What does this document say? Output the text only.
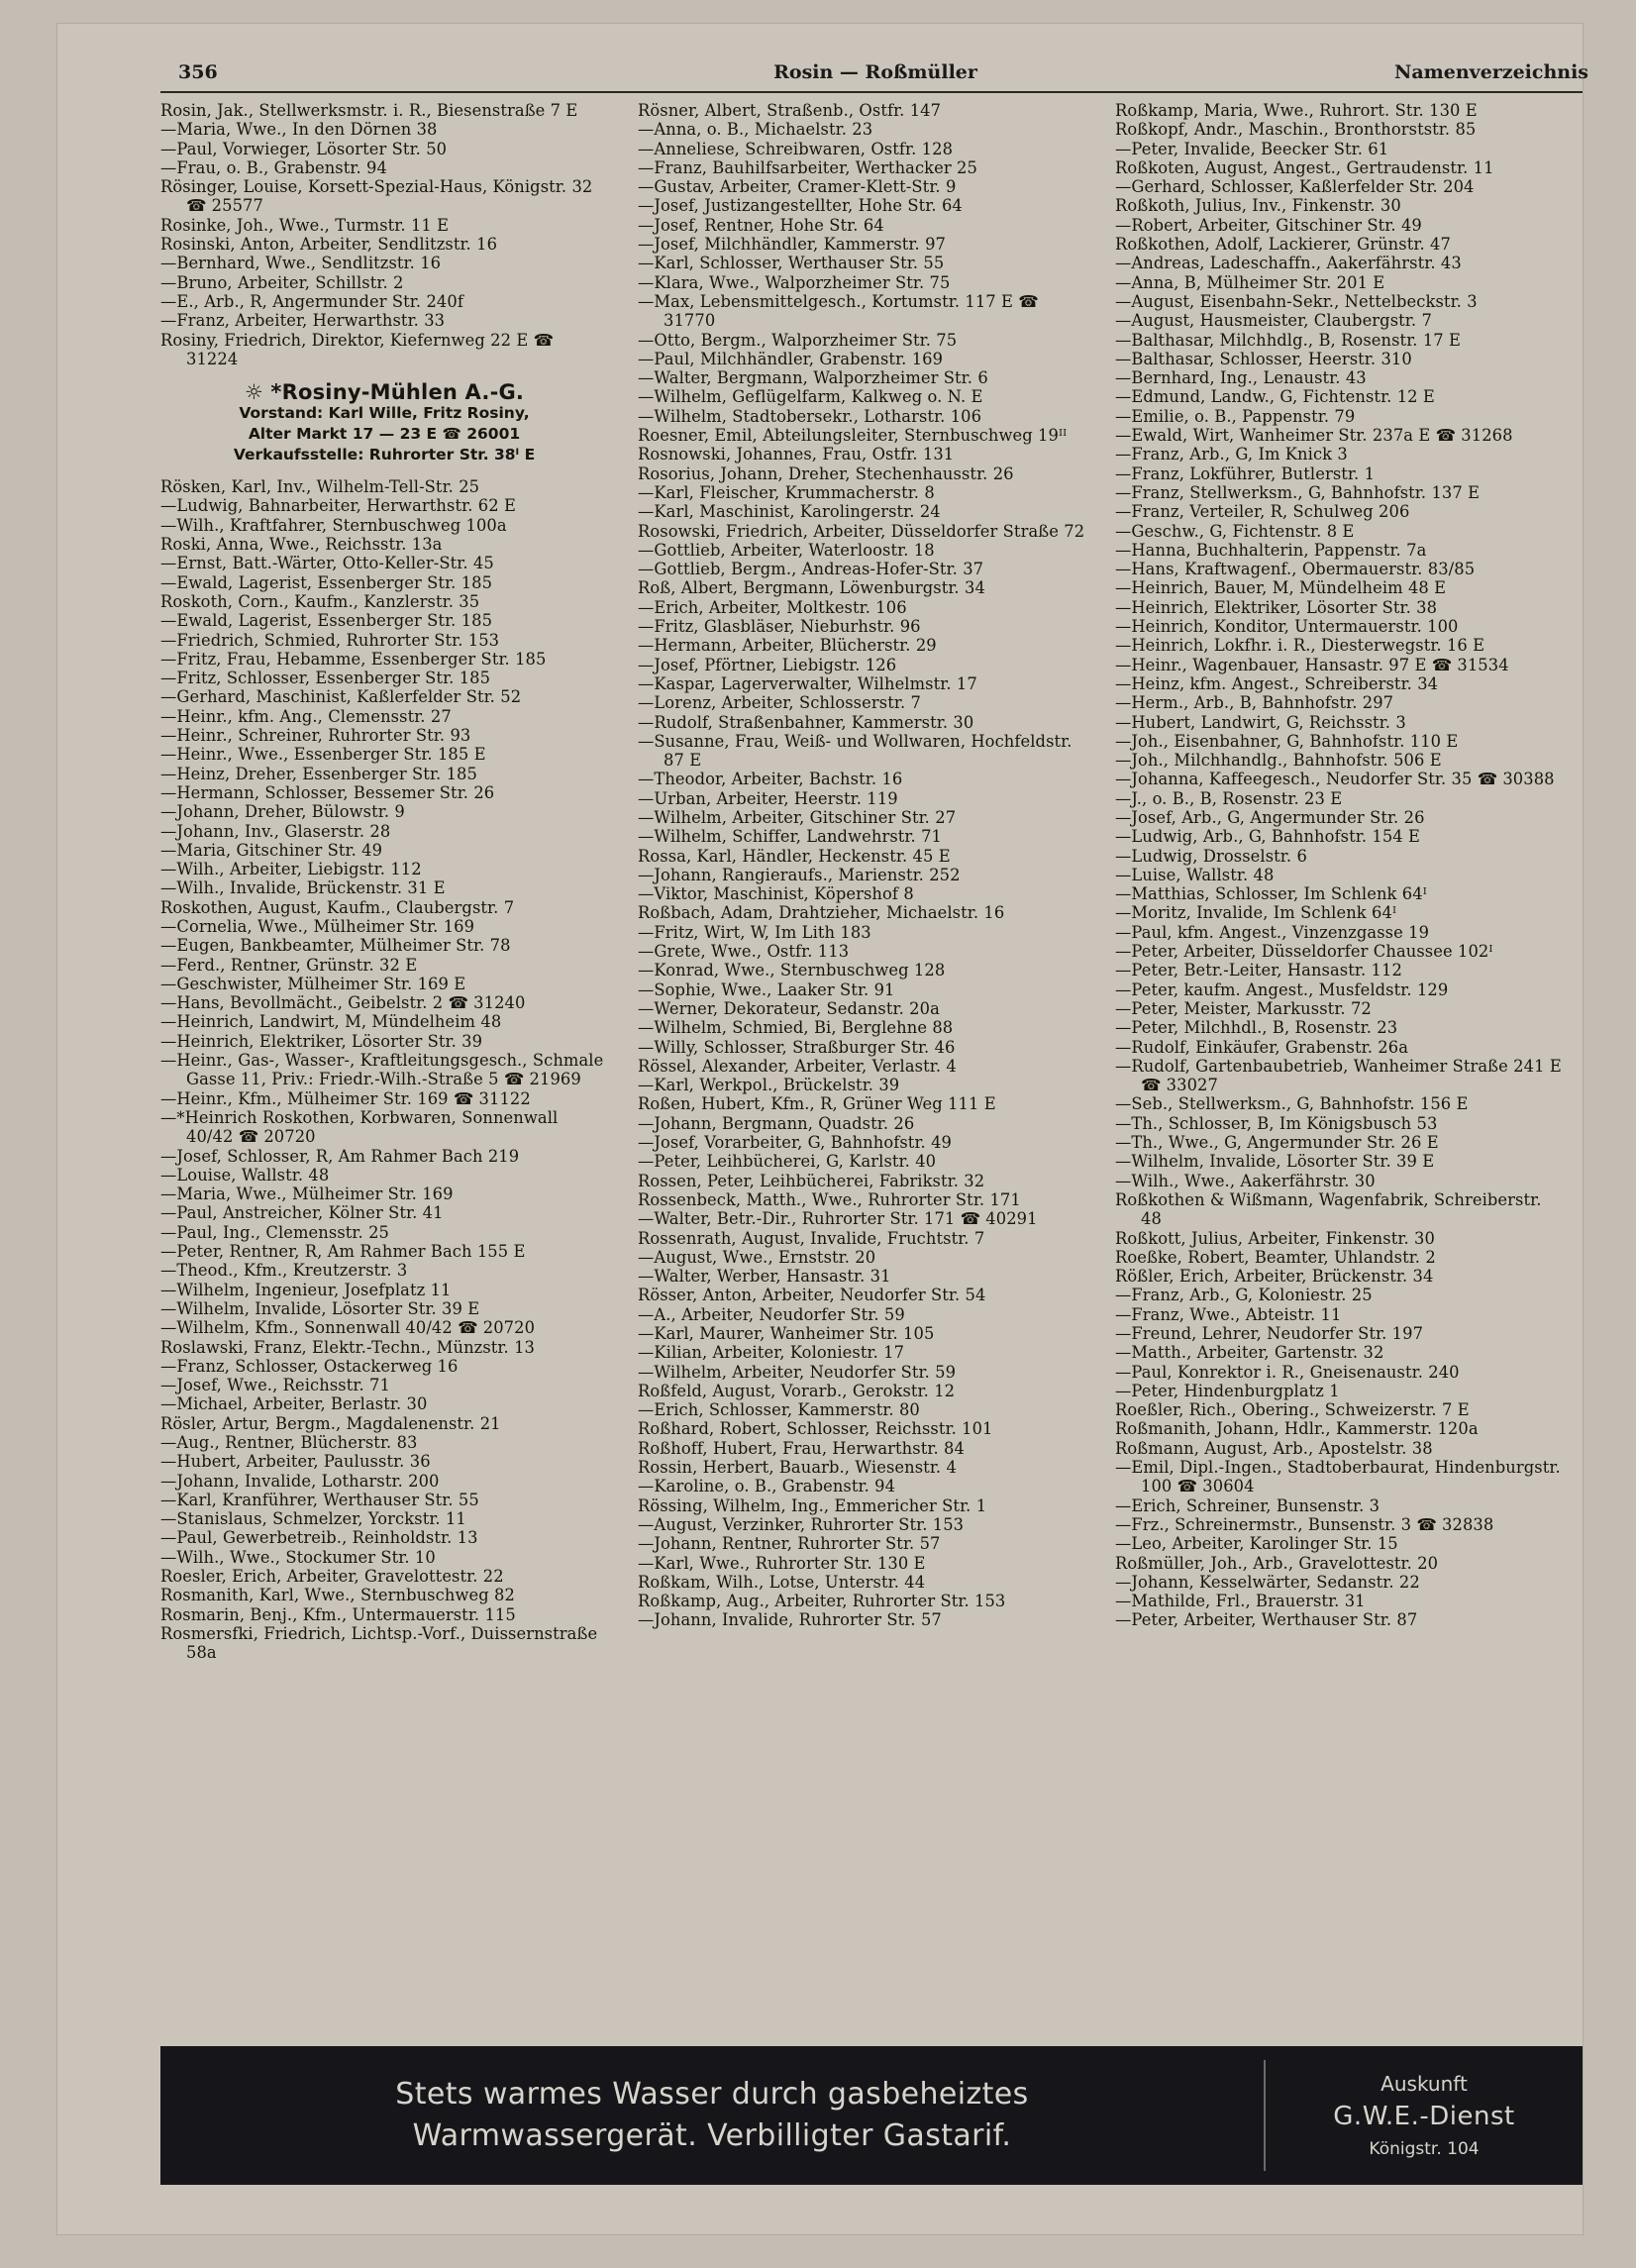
356	Rosin — Roßmüller	Namenverzeichnis

Rosin, Jak., Stellwerksmstr. i. R., Biesenstraße 7 E

—Maria, Wwe., In den Dörnen 38

—Paul, Vorwieger, Lösorter Str. 50

—Frau, o. B., Grabenstr. 94

Rösinger, Louise, Korsett-Spezial-Haus, Königstr. 32 ☎ 25577

Rosinke, Joh., Wwe., Turmstr. 11 E

Rosinski, Anton, Arbeiter, Sendlitzstr. 16

—Bernhard, Wwe., Sendlitzstr. 16

—Bruno, Arbeiter, Schillstr. 2

—E., Arb., R, Angermunder Str. 240f

—Franz, Arbeiter, Herwarthstr. 33

Rosiny, Friedrich, Direktor, Kiefernweg 22 E ☎ 31224

☼ *Rosiny-Mühlen A.-G.
Vorstand: Karl Wille, Fritz Rosiny,
Alter Markt 17 — 23 E ☎ 26001
Verkaufsstelle: Ruhrorter Str. 38ᴵ E

Rösken, Karl, Inv., Wilhelm-Tell-Str. 25

—Ludwig, Bahnarbeiter, Herwarthstr. 62 E

—Wilh., Kraftfahrer, Sternbuschweg 100a

Roski, Anna, Wwe., Reichsstr. 13a

—Ernst, Batt.-Wärter, Otto-Keller-Str. 45

—Ewald, Lagerist, Essenberger Str. 185

Roskoth, Corn., Kaufm., Kanzlerstr. 35

—Ewald, Lagerist, Essenberger Str. 185

—Friedrich, Schmied, Ruhrorter Str. 153

—Fritz, Frau, Hebamme, Essenberger Str. 185

—Fritz, Schlosser, Essenberger Str. 185

—Gerhard, Maschinist, Kaßlerfelder Str. 52

—Heinr., kfm. Ang., Clemensstr. 27

—Heinr., Schreiner, Ruhrorter Str. 93

—Heinr., Wwe., Essenberger Str. 185 E

—Heinz, Dreher, Essenberger Str. 185

—Hermann, Schlosser, Bessemer Str. 26

—Johann, Dreher, Bülowstr. 9

—Johann, Inv., Glaserstr. 28

—Maria, Gitschiner Str. 49

—Wilh., Arbeiter, Liebigstr. 112

—Wilh., Invalide, Brückenstr. 31 E

Roskothen, August, Kaufm., Claubergstr. 7

—Cornelia, Wwe., Mülheimer Str. 169

—Eugen, Bankbeamter, Mülheimer Str. 78

—Ferd., Rentner, Grünstr. 32 E

—Geschwister, Mülheimer Str. 169 E

—Hans, Bevollmächt., Geibelstr. 2 ☎ 31240

—Heinrich, Landwirt, M, Mündelheim 48

—Heinrich, Elektriker, Lösorter Str. 39

—Heinr., Gas-, Wasser-, Kraftleitungsgesch., Schmale Gasse 11, Priv.: Friedr.-Wilh.-Straße 5 ☎ 21969

—Heinr., Kfm., Mülheimer Str. 169 ☎ 31122

—*Heinrich Roskothen, Korbwaren, Sonnenwall 40/42 ☎ 20720

—Josef, Schlosser, R, Am Rahmer Bach 219

—Louise, Wallstr. 48

—Maria, Wwe., Mülheimer Str. 169

—Paul, Anstreicher, Kölner Str. 41

—Paul, Ing., Clemensstr. 25

—Peter, Rentner, R, Am Rahmer Bach 155 E

—Theod., Kfm., Kreutzerstr. 3

—Wilhelm, Ingenieur, Josefplatz 11

—Wilhelm, Invalide, Lösorter Str. 39 E

—Wilhelm, Kfm., Sonnenwall 40/42 ☎ 20720

Roslawski, Franz, Elektr.-Techn., Münzstr. 13

—Franz, Schlosser, Ostackerweg 16

—Josef, Wwe., Reichsstr. 71

—Michael, Arbeiter, Berlastr. 30

Rösler, Artur, Bergm., Magdalenenstr. 21

—Aug., Rentner, Blücherstr. 83

—Hubert, Arbeiter, Paulusstr. 36

—Johann, Invalide, Lotharstr. 200

—Karl, Kranführer, Werthauser Str. 55

—Stanislaus, Schmelzer, Yorckstr. 11

—Paul, Gewerbetreib., Reinholdstr. 13

—Wilh., Wwe., Stockumer Str. 10

Roesler, Erich, Arbeiter, Gravelottestr. 22

Rosmanith, Karl, Wwe., Sternbuschweg 82

Rosmarin, Benj., Kfm., Untermauerstr. 115

Rosmersfki, Friedrich, Lichtsp.-Vorf., Duissernstraße 58a

Rösner, Albert, Straßenb., Ostfr. 147

—Anna, o. B., Michaelstr. 23

—Anneliese, Schreibwaren, Ostfr. 128

—Franz, Bauhilfsarbeiter, Werthacker 25

—Gustav, Arbeiter, Cramer-Klett-Str. 9

—Josef, Justizangestellter, Hohe Str. 64

—Josef, Rentner, Hohe Str. 64

—Josef, Milchhändler, Kammerstr. 97

—Karl, Schlosser, Werthauser Str. 55

—Klara, Wwe., Walporzheimer Str. 75

—Max, Lebensmittelgesch., Kortumstr. 117 E ☎ 31770

—Otto, Bergm., Walporzheimer Str. 75

—Paul, Milchhändler, Grabenstr. 169

—Walter, Bergmann, Walporzheimer Str. 6

—Wilhelm, Geflügelfarm, Kalkweg o. N. E

—Wilhelm, Stadtobersekr., Lotharstr. 106

Roesner, Emil, Abteilungsleiter, Sternbuschweg 19ᴵᴵ

Rosnowski, Johannes, Frau, Ostfr. 131

Rosorius, Johann, Dreher, Stechenhausstr. 26

—Karl, Fleischer, Krummacherstr. 8

—Karl, Maschinist, Karolingerstr. 24

Rosowski, Friedrich, Arbeiter, Düsseldorfer Straße 72

—Gottlieb, Arbeiter, Waterloostr. 18

—Gottlieb, Bergm., Andreas-Hofer-Str. 37

Roß, Albert, Bergmann, Löwenburgstr. 34

—Erich, Arbeiter, Moltkestr. 106

—Fritz, Glasbläser, Nieburhstr. 96

—Hermann, Arbeiter, Blücherstr. 29

—Josef, Pförtner, Liebigstr. 126

—Kaspar, Lagerverwalter, Wilhelmstr. 17

—Lorenz, Arbeiter, Schlosserstr. 7

—Rudolf, Straßenbahner, Kammerstr. 30

—Susanne, Frau, Weiß- und Wollwaren, Hochfeldstr. 87 E

—Theodor, Arbeiter, Bachstr. 16

—Urban, Arbeiter, Heerstr. 119

—Wilhelm, Arbeiter, Gitschiner Str. 27

—Wilhelm, Schiffer, Landwehrstr. 71

Rossa, Karl, Händler, Heckenstr. 45 E

—Johann, Rangieraufs., Marienstr. 252

—Viktor, Maschinist, Köpershof 8

Roßbach, Adam, Drahtzieher, Michaelstr. 16

—Fritz, Wirt, W, Im Lith 183

—Grete, Wwe., Ostfr. 113

—Konrad, Wwe., Sternbuschweg 128

—Sophie, Wwe., Laaker Str. 91

—Werner, Dekorateur, Sedanstr. 20a

—Wilhelm, Schmied, Bi, Berglehne 88

—Willy, Schlosser, Straßburger Str. 46

Rössel, Alexander, Arbeiter, Verlastr. 4

—Karl, Werkpol., Brückelstr. 39

Roßen, Hubert, Kfm., R, Grüner Weg 111 E

—Johann, Bergmann, Quadstr. 26

—Josef, Vorarbeiter, G, Bahnhofstr. 49

—Peter, Leihbücherei, G, Karlstr. 40

Rossen, Peter, Leihbücherei, Fabrikstr. 32

Rossenbeck, Matth., Wwe., Ruhrorter Str. 171

—Walter, Betr.-Dir., Ruhrorter Str. 171 ☎ 40291

Rossenrath, August, Invalide, Fruchtstr. 7

—August, Wwe., Ernststr. 20

—Walter, Werber, Hansastr. 31

Rösser, Anton, Arbeiter, Neudorfer Str. 54

—A., Arbeiter, Neudorfer Str. 59

—Karl, Maurer, Wanheimer Str. 105

—Kilian, Arbeiter, Koloniestr. 17

—Wilhelm, Arbeiter, Neudorfer Str. 59

Roßfeld, August, Vorarb., Gerokstr. 12

—Erich, Schlosser, Kammerstr. 80

Roßhard, Robert, Schlosser, Reichsstr. 101

Roßhoff, Hubert, Frau, Herwarthstr. 84

Rossin, Herbert, Bauarb., Wiesenstr. 4

—Karoline, o. B., Grabenstr. 94

Rössing, Wilhelm, Ing., Emmericher Str. 1

—August, Verzinker, Ruhrorter Str. 153

—Johann, Rentner, Ruhrorter Str. 57

—Karl, Wwe., Ruhrorter Str. 130 E

Roßkam, Wilh., Lotse, Unterstr. 44

Roßkamp, Aug., Arbeiter, Ruhrorter Str. 153

—Johann, Invalide, Ruhrorter Str. 57

Roßkamp, Maria, Wwe., Ruhrort. Str. 130 E

Roßkopf, Andr., Maschin., Bronthorststr. 85

—Peter, Invalide, Beecker Str. 61

Roßkoten, August, Angest., Gertraudenstr. 11

—Gerhard, Schlosser, Kaßlerfelder Str. 204

Roßkoth, Julius, Inv., Finkenstr. 30

—Robert, Arbeiter, Gitschiner Str. 49

Roßkothen, Adolf, Lackierer, Grünstr. 47

—Andreas, Ladeschaffn., Aakerfährstr. 43

—Anna, B, Mülheimer Str. 201 E

—August, Eisenbahn-Sekr., Nettelbeckstr. 3

—August, Hausmeister, Claubergstr. 7

—Balthasar, Milchhdlg., B, Rosenstr. 17 E

—Balthasar, Schlosser, Heerstr. 310

—Bernhard, Ing., Lenaustr. 43

—Edmund, Landw., G, Fichtenstr. 12 E

—Emilie, o. B., Pappenstr. 79

—Ewald, Wirt, Wanheimer Str. 237a E ☎ 31268

—Franz, Arb., G, Im Knick 3

—Franz, Lokführer, Butlerstr. 1

—Franz, Stellwerksm., G, Bahnhofstr. 137 E

—Franz, Verteiler, R, Schulweg 206

—Geschw., G, Fichtenstr. 8 E

—Hanna, Buchhalterin, Pappenstr. 7a

—Hans, Kraftwagenf., Obermauerstr. 83/85

—Heinrich, Bauer, M, Mündelheim 48 E

—Heinrich, Elektriker, Lösorter Str. 38

—Heinrich, Konditor, Untermauerstr. 100

—Heinrich, Lokfhr. i. R., Diesterwegstr. 16 E

—Heinr., Wagenbauer, Hansastr. 97 E ☎ 31534

—Heinz, kfm. Angest., Schreiberstr. 34

—Herm., Arb., B, Bahnhofstr. 297

—Hubert, Landwirt, G, Reichsstr. 3

—Joh., Eisenbahner, G, Bahnhofstr. 110 E

—Joh., Milchhandlg., Bahnhofstr. 506 E

—Johanna, Kaffeegesch., Neudorfer Str. 35 ☎ 30388

—J., o. B., B, Rosenstr. 23 E

—Josef, Arb., G, Angermunder Str. 26

—Ludwig, Arb., G, Bahnhofstr. 154 E

—Ludwig, Drosselstr. 6

—Luise, Wallstr. 48

—Matthias, Schlosser, Im Schlenk 64ᴵ

—Moritz, Invalide, Im Schlenk 64ᴵ

—Paul, kfm. Angest., Vinzenzgasse 19

—Peter, Arbeiter, Düsseldorfer Chaussee 102ᴵ

—Peter, Betr.-Leiter, Hansastr. 112

—Peter, kaufm. Angest., Musfeldstr. 129

—Peter, Meister, Markusstr. 72

—Peter, Milchhdl., B, Rosenstr. 23

—Rudolf, Einkäufer, Grabenstr. 26a

—Rudolf, Gartenbaubetrieb, Wanheimer Straße 241 E ☎ 33027

—Seb., Stellwerksm., G, Bahnhofstr. 156 E

—Th., Schlosser, B, Im Königsbusch 53

—Th., Wwe., G, Angermunder Str. 26 E

—Wilhelm, Invalide, Lösorter Str. 39 E

—Wilh., Wwe., Aakerfährstr. 30

Roßkothen & Wißmann, Wagenfabrik, Schreiberstr. 48

Roßkott, Julius, Arbeiter, Finkenstr. 30

Roeßke, Robert, Beamter, Uhlandstr. 2

Rößler, Erich, Arbeiter, Brückenstr. 34

—Franz, Arb., G, Koloniestr. 25

—Franz, Wwe., Abteistr. 11

—Freund, Lehrer, Neudorfer Str. 197

—Matth., Arbeiter, Gartenstr. 32

—Paul, Konrektor i. R., Gneisenaustr. 240

—Peter, Hindenburgplatz 1

Roeßler, Rich., Obering., Schweizerstr. 7 E

Roßmanith, Johann, Hdlr., Kammerstr. 120a

Roßmann, August, Arb., Apostelstr. 38

—Emil, Dipl.-Ingen., Stadtoberbaurat, Hindenburgstr. 100 ☎ 30604

—Erich, Schreiner, Bunsenstr. 3

—Frz., Schreinermstr., Bunsenstr. 3 ☎ 32838

—Leo, Arbeiter, Karolinger Str. 15

Roßmüller, Joh., Arb., Gravelottestr. 20

—Johann, Kesselwärter, Sedanstr. 22

—Mathilde, Frl., Brauerstr. 31

—Peter, Arbeiter, Werthauser Str. 87

Stets warmes Wasser durch gasbeheiztes
Warmwassergerät. Verbilligter Gastarif.
Auskunft
G.W.E.-Dienst
Königstr. 104
